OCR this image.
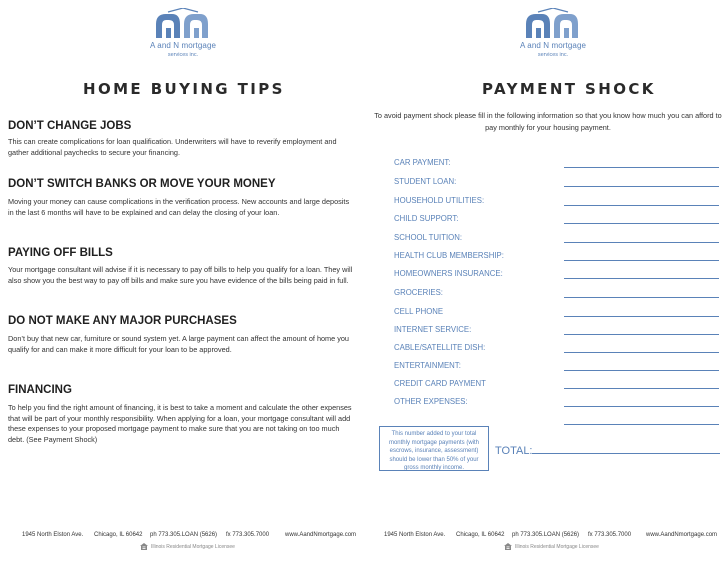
A and N mortgage
services inc.
HOME BUYING TIPS
DON’T CHANGE JOBS
This can create complications for loan qualification. Underwriters will have to reverify employment and gather additional paychecks to secure your financing.
DON’T SWITCH BANKS OR MOVE YOUR MONEY
Moving your money can cause complications in the verification process. New accounts and large deposits in the last 6 months will have to be explained and can delay the closing of your loan.
PAYING OFF BILLS
Your mortgage consultant will advise if it is necessary to pay off bills to help you qualify for a loan. They will also show you the best way to pay off bills and make sure you have evidence of the bills being paid in full.
DO NOT MAKE ANY MAJOR PURCHASES
Don’t buy that new car, furniture or sound system yet. A large payment can affect the amount of home you qualify for and can make it more difficult for your loan to be approved.
FINANCING
To help you find the right amount of financing, it is best to take a moment and calculate the other expenses that will be part of your monthly responsibility. When applying for a loan, your mortgage consultant will add these expenses to your proposed mortgage payment to make sure that you are not taking on too much debt. (See Payment Shock)
1945 North Elston Ave. Chicago, IL 60642 ph 773.305.LOAN (5626) fx 773.305.7000	www.AandNmortgage.com
Illinois Residential Mortgage Licensee
A and N mortgage
services inc.
PAYMENT SHOCK
To avoid payment shock please fill in the following information so that you know how much you can afford to pay monthly for your housing payment.
CAR PAYMENT:
STUDENT LOAN:
HOUSEHOLD UTILITIES:
CHILD SUPPORT:
SCHOOL TUITION:
HEALTH CLUB MEMBERSHIP:
HOMEOWNERS INSURANCE:
GROCERIES:
CELL PHONE
INTERNET SERVICE:
CABLE/SATELLITE DISH:
ENTERTAINMENT:
CREDIT CARD PAYMENT
OTHER EXPENSES:
This number added to your total monthly mortgage payments (with escrows, insurance, assessment) should be lower than 50% of your gross monthly income.
TOTAL:
1945 North Elston Ave. Chicago, IL 60642 ph 773.305.LOAN (5626) fx 773.305.7000 www.AandNmortgage.com
Illinois Residential Mortgage Licensee
